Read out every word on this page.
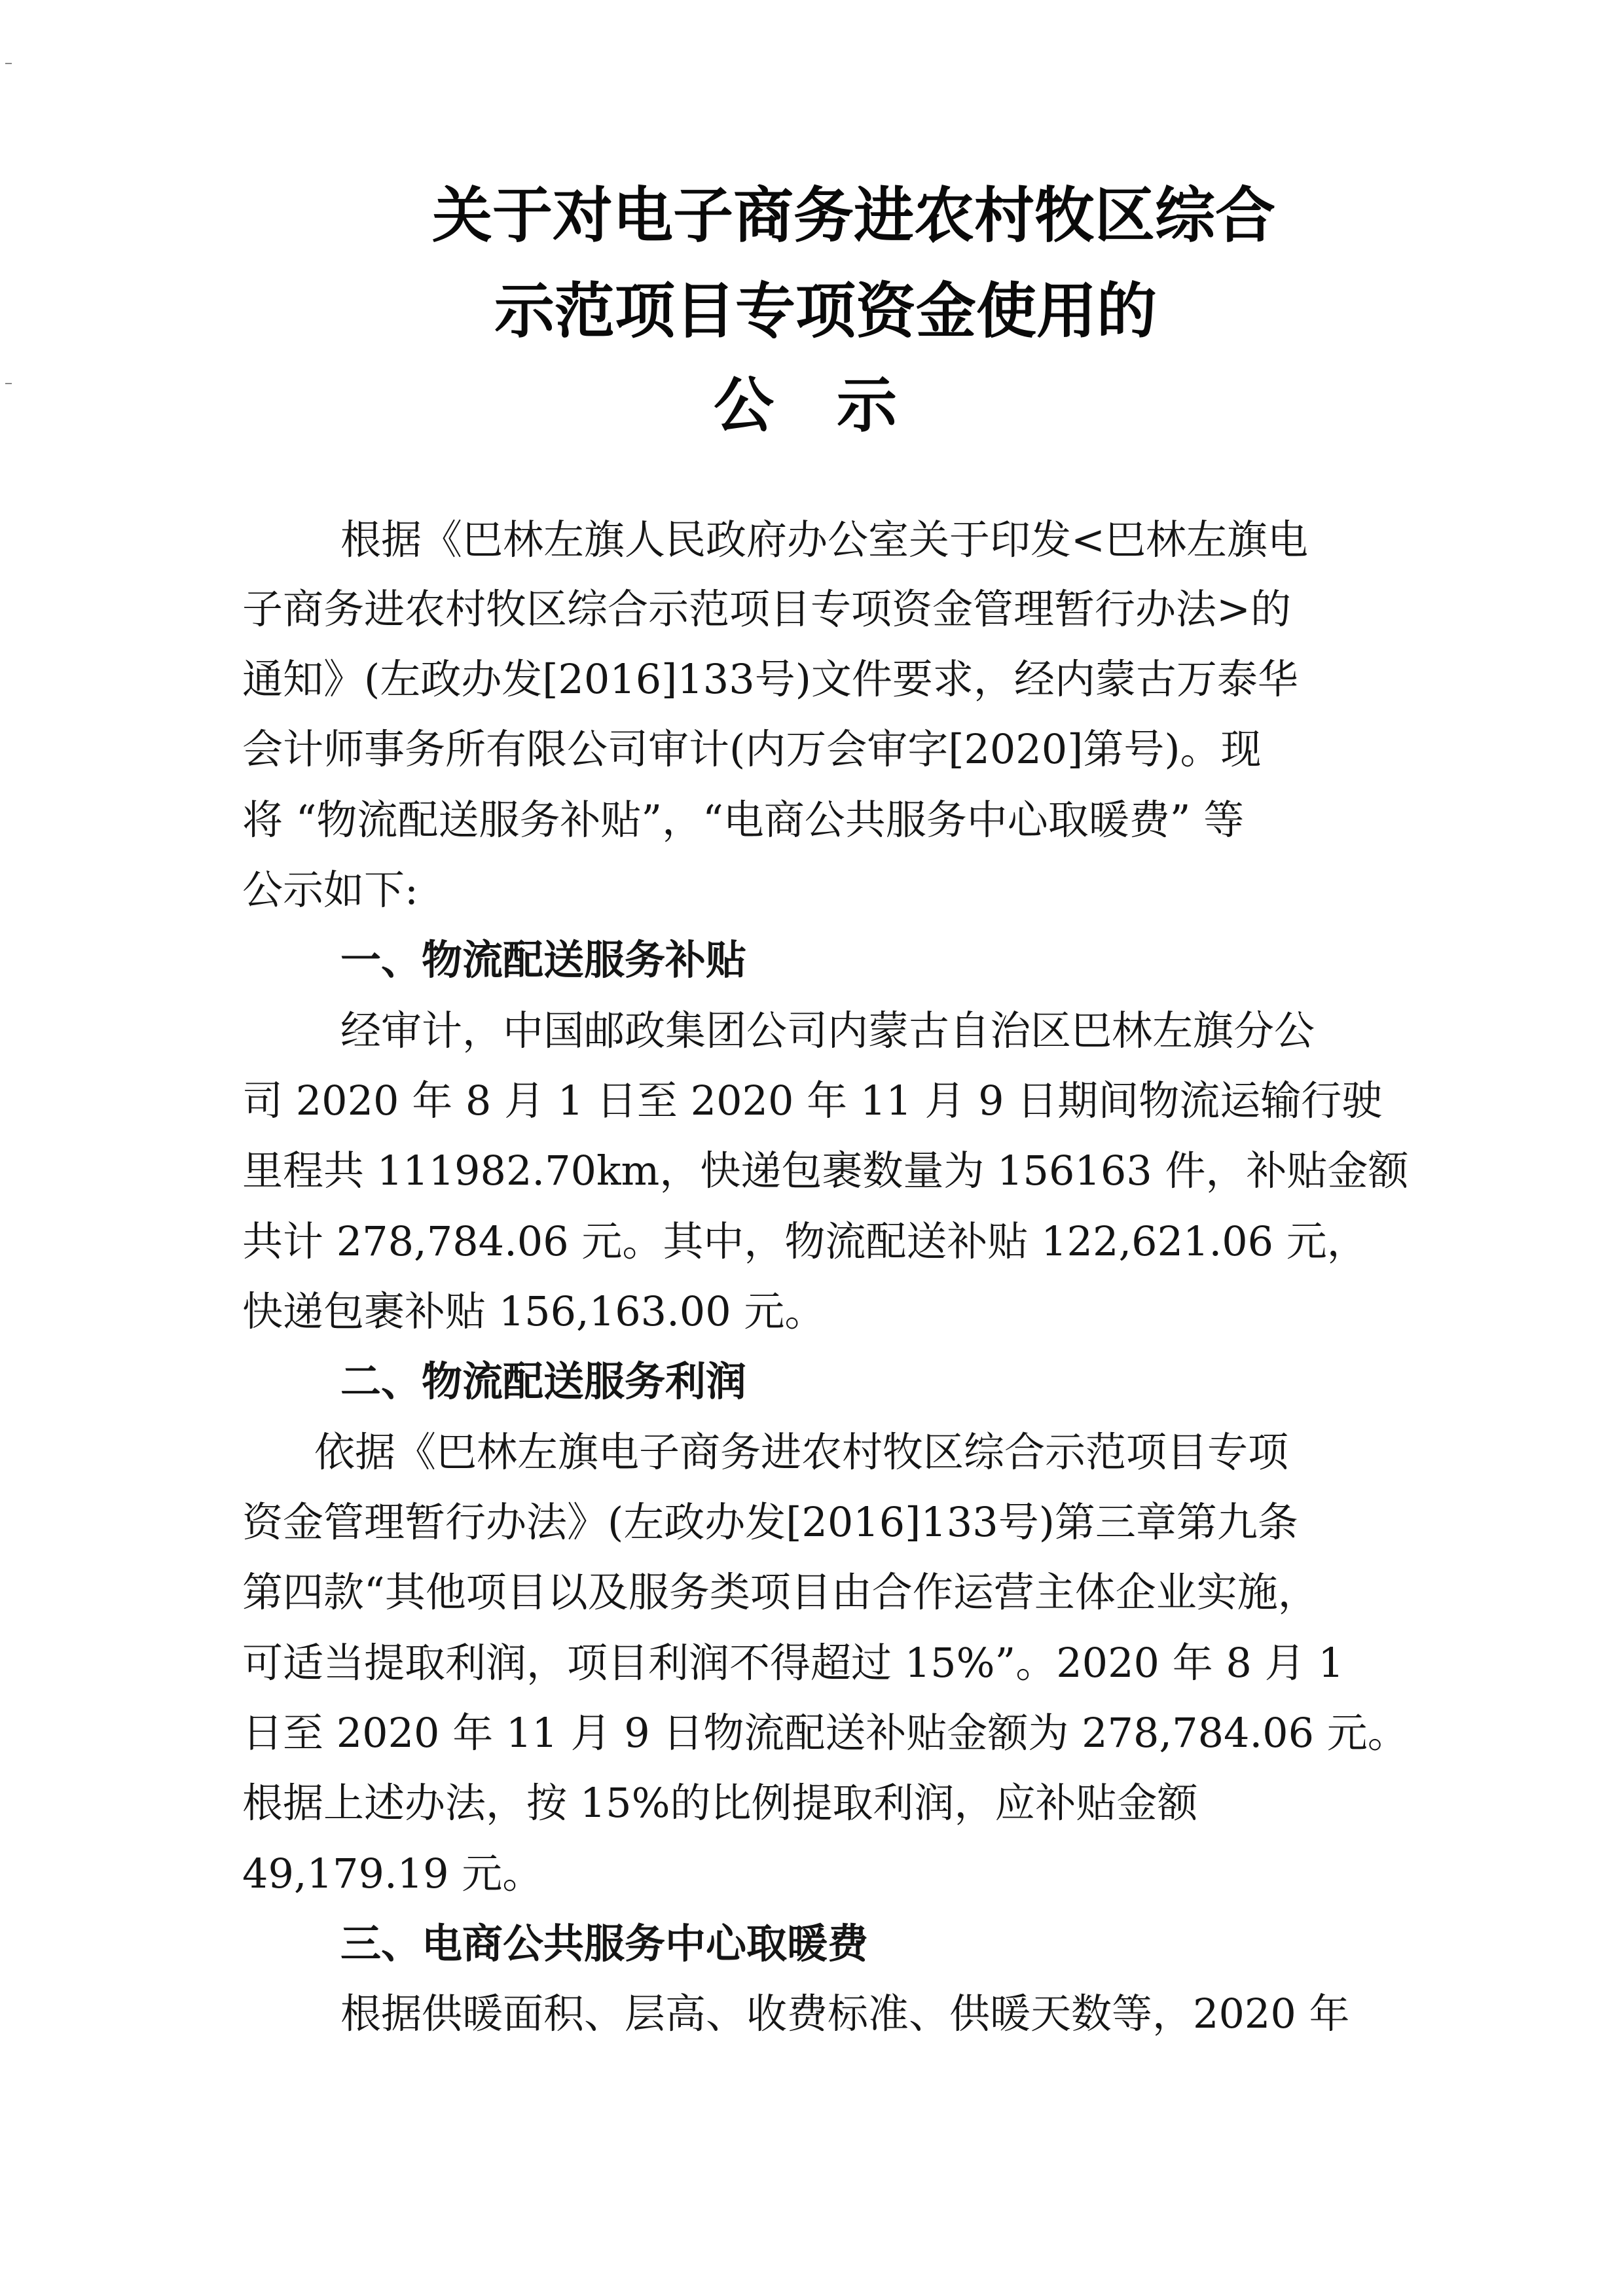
关于对电子商务进农村牧区综合
示范项目专项资金使用的
公示
根据《巴林左旗人民政府办公室关于印发<巴林左旗电
子商务进农村牧区综合示范项目专项资金管理暂行办法>的
通知》(左政办发[2016]133号)文件要求，经内蒙古万泰华
会计师事务所有限公司审计(内万会审字[2020]第号)。现
将 “物流配送服务补贴”，“电商公共服务中心取暖费” 等
公示如下:
一、物流配送服务补贴
经审计，中国邮政集团公司内蒙古自治区巴林左旗分公
司 2020 年 8 月 1 日至 2020 年 11 月 9 日期间物流运输行驶
里程共 111982.70km，快递包裹数量为 156163 件，补贴金额
共计 278,784.06 元。其中，物流配送补贴 122,621.06 元，
快递包裹补贴 156,163.00 元。
二、物流配送服务利润
依据《巴林左旗电子商务进农村牧区综合示范项目专项
资金管理暂行办法》(左政办发[2016]133号)第三章第九条
第四款“其他项目以及服务类项目由合作运营主体企业实施，
可适当提取利润，项目利润不得超过 15%”。2020 年 8 月 1
日至 2020 年 11 月 9 日物流配送补贴金额为 278,784.06 元。
根据上述办法，按 15%的比例提取利润，应补贴金额
49,179.19 元。
三、电商公共服务中心取暖费
根据供暖面积、层高、收费标准、供暖天数等，2020 年
